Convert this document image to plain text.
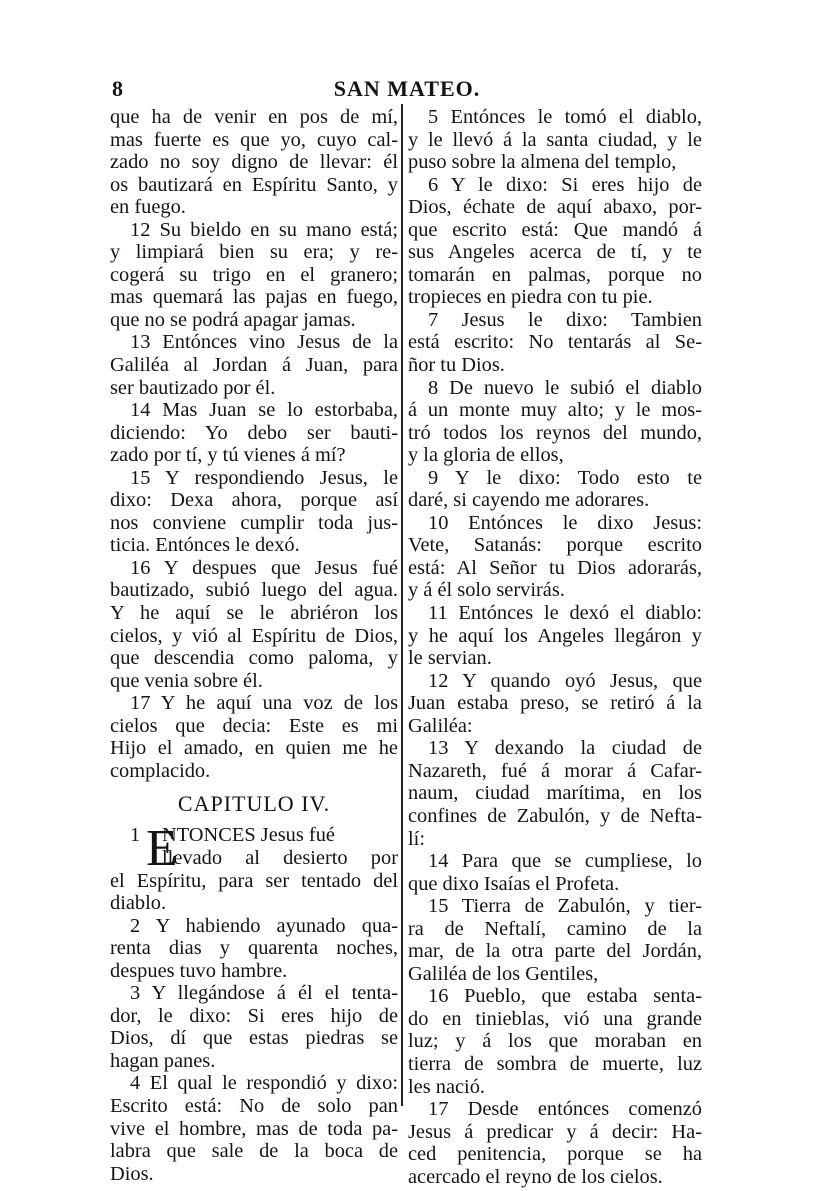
8	SAN MATEO.
que ha de venir en pos de mí,
mas fuerte es que yo, cuyo cal-
zado no soy digno de llevar: él
os bautizará en Espíritu Santo, y
en fuego.
12 Su bieldo en su mano está;
y limpiará bien su era; y re-
cogerá su trigo en el granero;
mas quemará las pajas en fuego,
que no se podrá apagar jamas.
13 Entónces vino Jesus de la
Galiléa al Jordan á Juan, para
ser bautizado por él.
14 Mas Juan se lo estorbaba,
diciendo: Yo debo ser bauti-
zado por tí, y tú vienes á mí?
15 Y respondiendo Jesus, le
dixo: Dexa ahora, porque así
nos conviene cumplir toda jus-
ticia. Entónces le dexó.
16 Y despues que Jesus fué
bautizado, subió luego del agua.
Y he aquí se le abriéron los
cielos, y vió al Espíritu de Dios,
que descendia como paloma, y
que venia sobre él.
17 Y he aquí una voz de los
cielos que decia: Este es mi
Hijo el amado, en quien me he
complacido.
CAPITULO IV.
1 E
NTONCES Jesus fué
llevado al desierto por
el Espíritu, para ser tentado del
diablo.
2 Y habiendo ayunado qua-
renta dias y quarenta noches,
despues tuvo hambre.
3 Y llegándose á él el tenta-
dor, le dixo: Si eres hijo de
Dios, dí que estas piedras se
hagan panes.
4 El qual le respondió y dixo:
Escrito está: No de solo pan
vive el hombre, mas de toda pa-
labra que sale de la boca de
Dios.
5 Entónces le tomó el diablo,
y le llevó á la santa ciudad, y le
puso sobre la almena del templo,
6 Y le dixo: Si eres hijo de
Dios, échate de aquí abaxo, por-
que escrito está: Que mandó á
sus Angeles acerca de tí, y te
tomarán en palmas, porque no
tropieces en piedra con tu pie.
7 Jesus le dixo: Tambien
está escrito: No tentarás al Se-
ñor tu Dios.
8 De nuevo le subió el diablo
á un monte muy alto; y le mos-
tró todos los reynos del mundo,
y la gloria de ellos,
9 Y le dixo: Todo esto te
daré, si cayendo me adorares.
10 Entónces le dixo Jesus:
Vete, Satanás: porque escrito
está: Al Señor tu Dios adorarás,
y á él solo servirás.
11 Entónces le dexó el diablo:
y he aquí los Angeles llegáron y
le servian.
12 Y quando oyó Jesus, que
Juan estaba preso, se retiró á la
Galiléa:
13 Y dexando la ciudad de
Nazareth, fué á morar á Cafar-
naum, ciudad marítima, en los
confines de Zabulón, y de Nefta-
lí:
14 Para que se cumpliese, lo
que dixo Isaías el Profeta.
15 Tierra de Zabulón, y tier-
ra de Neftalí, camino de la
mar, de la otra parte del Jordán,
Galiléa de los Gentiles,
16 Pueblo, que estaba senta-
do en tinieblas, vió una grande
luz; y á los que moraban en
tierra de sombra de muerte, luz
les nació.
17 Desde entónces comenzó
Jesus á predicar y á decir: Ha-
ced penitencia, porque se ha
acercado el reyno de los cielos.
